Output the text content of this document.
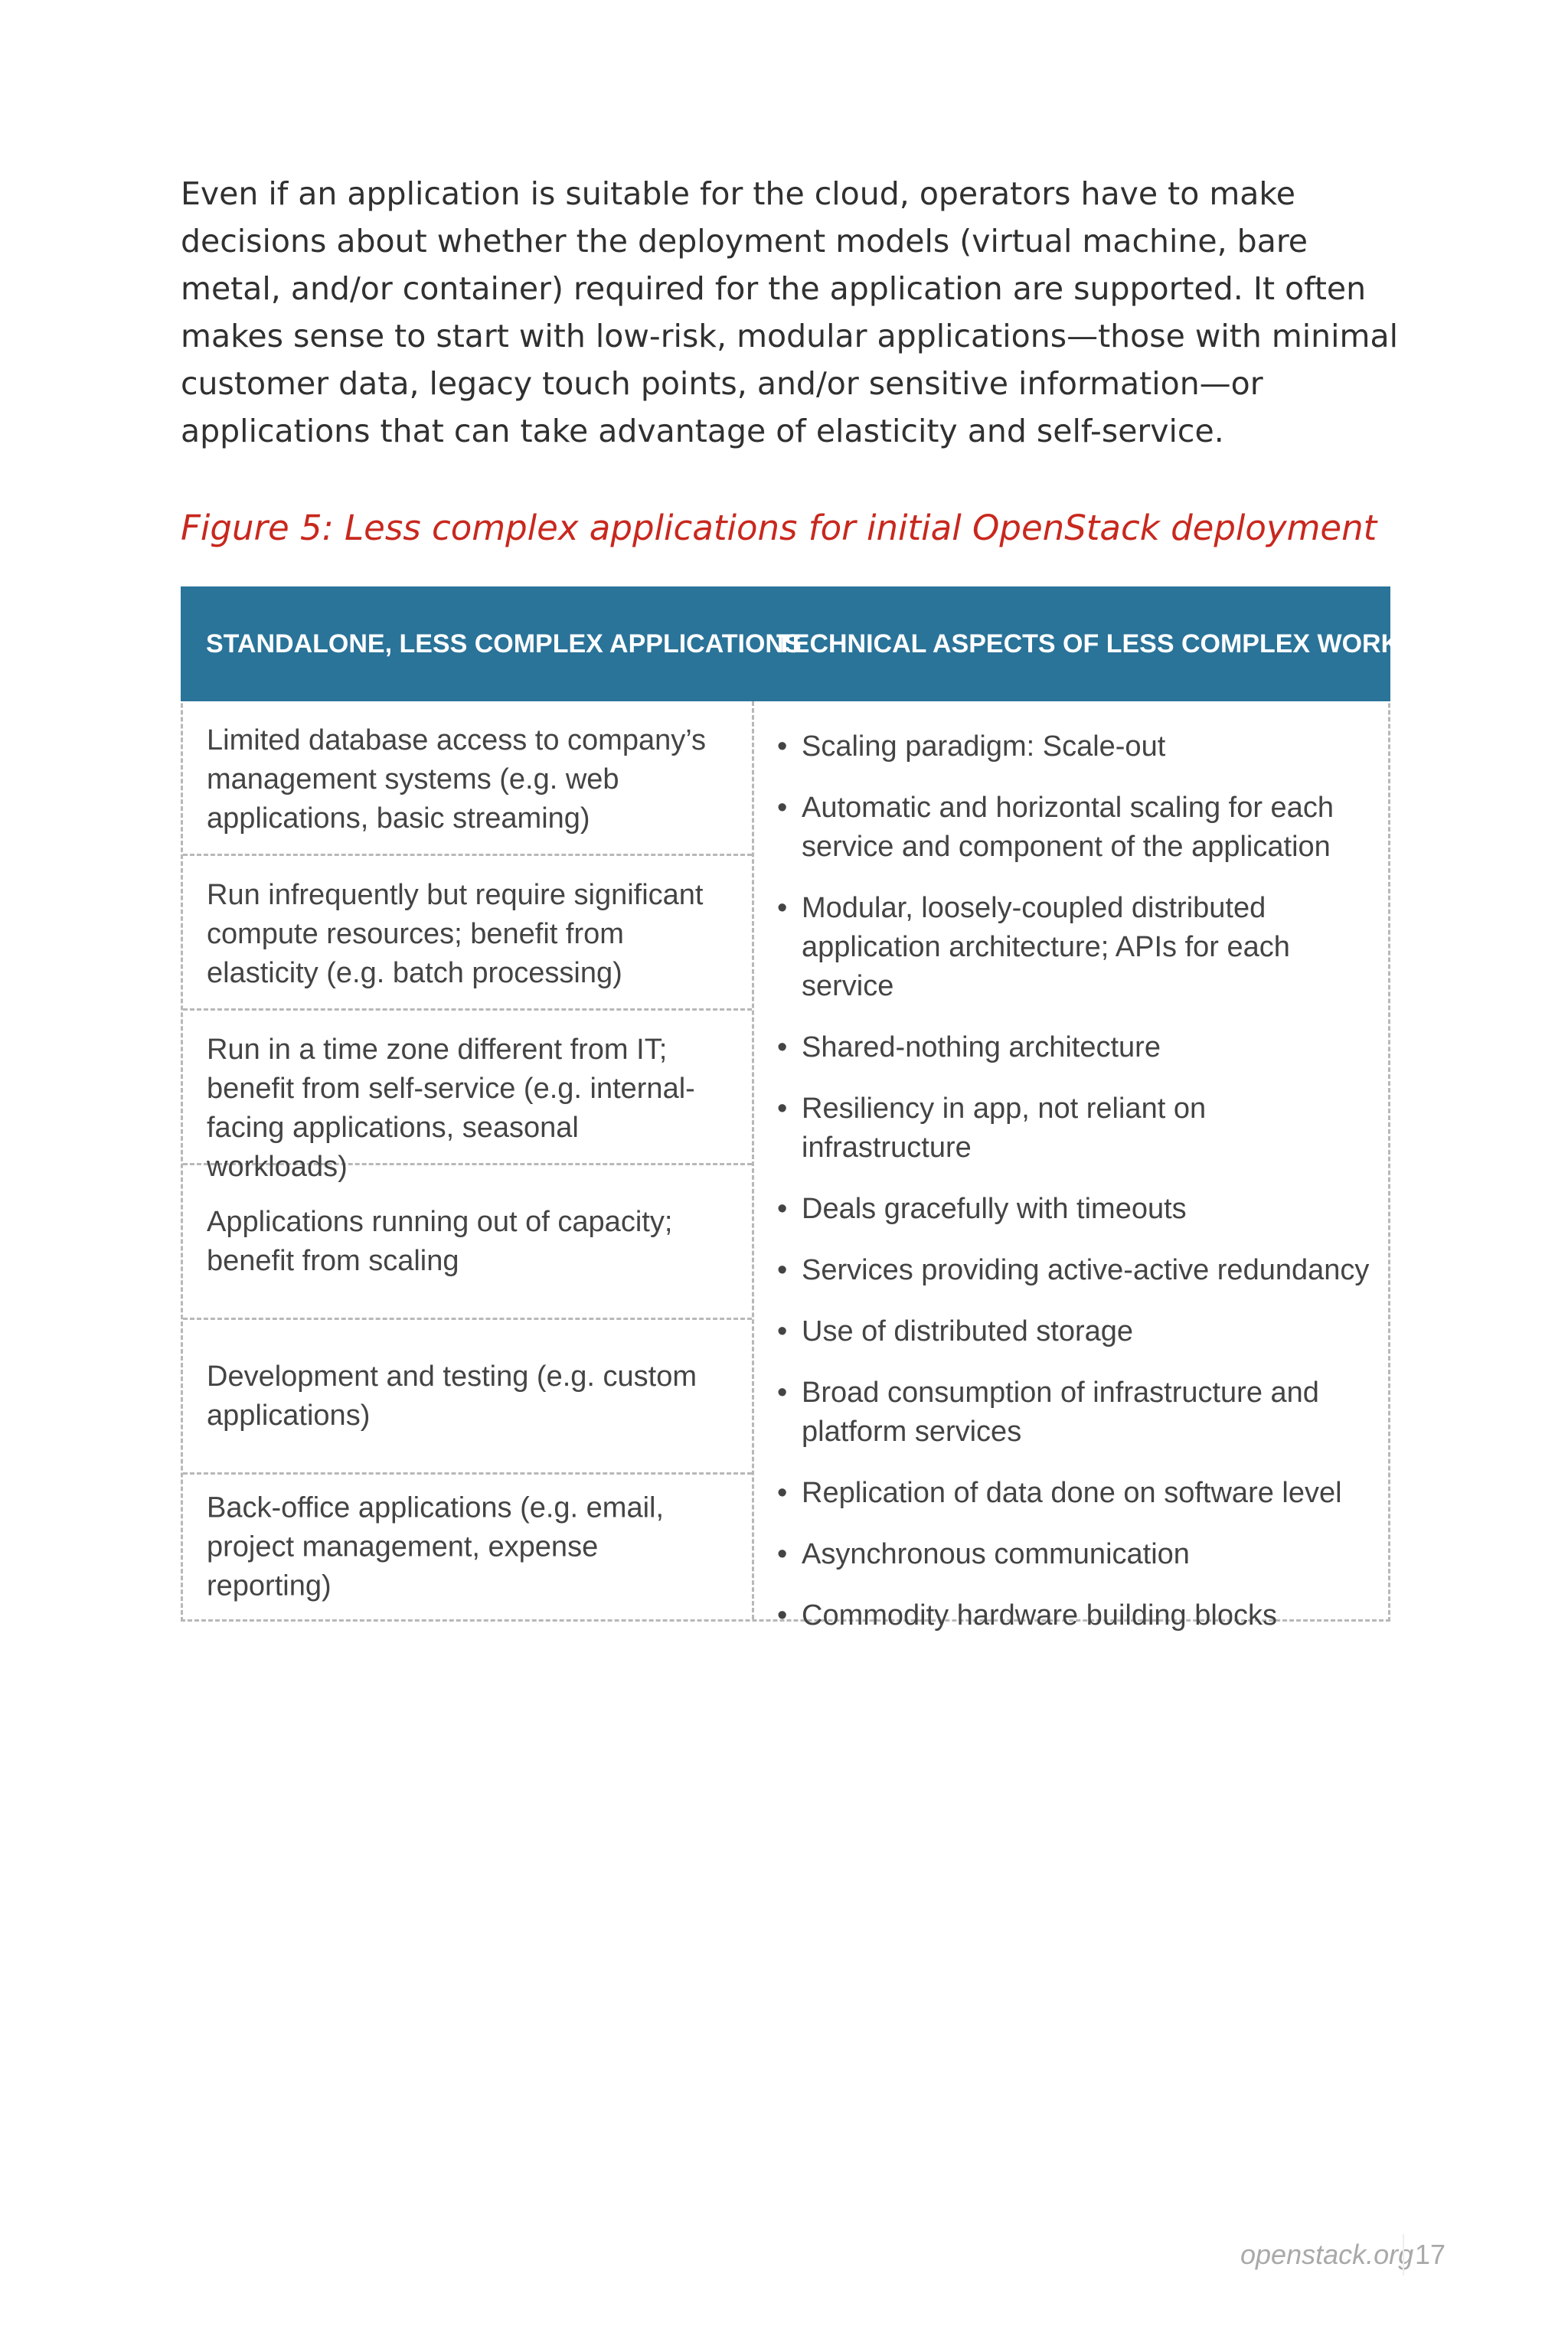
Even if an application is suitable for the cloud, operators have to make decisions about whether the deployment models (virtual machine, bare metal, and/or container) required for the application are supported. It often makes sense to start with low-risk, modular applications—those with minimal customer data, legacy touch points, and/or sensitive information—or applications that can take advantage of elasticity and self-service.

Figure 5: Less complex applications for initial OpenStack deployment

STANDALONE, LESS COMPLEX APPLICATIONS
TECHNICAL ASPECTS OF LESS COMPLEX WORKLOADS
Limited database access to company’s management systems (e.g. web applications, basic streaming)
Run infrequently but require significant compute resources; benefit from elasticity (e.g. batch processing)
Run in a time zone different from IT; benefit from self-service (e.g. internal-facing applications, seasonal workloads)
Applications running out of capacity; benefit from scaling
Development and testing (e.g. custom applications)
Back-office applications (e.g. email, project management, expense reporting)
• Scaling paradigm: Scale-out
• Automatic and horizontal scaling for each service and component of the application
• Modular, loosely-coupled distributed application architecture; APIs for each service
• Shared-nothing architecture
• Resiliency in app, not reliant on infrastructure
• Deals gracefully with timeouts
• Services providing active-active redundancy
• Use of distributed storage
• Broad consumption of infrastructure and platform services
• Replication of data done on software level
• Asynchronous communication
• Commodity hardware building blocks
openstack.org 17
